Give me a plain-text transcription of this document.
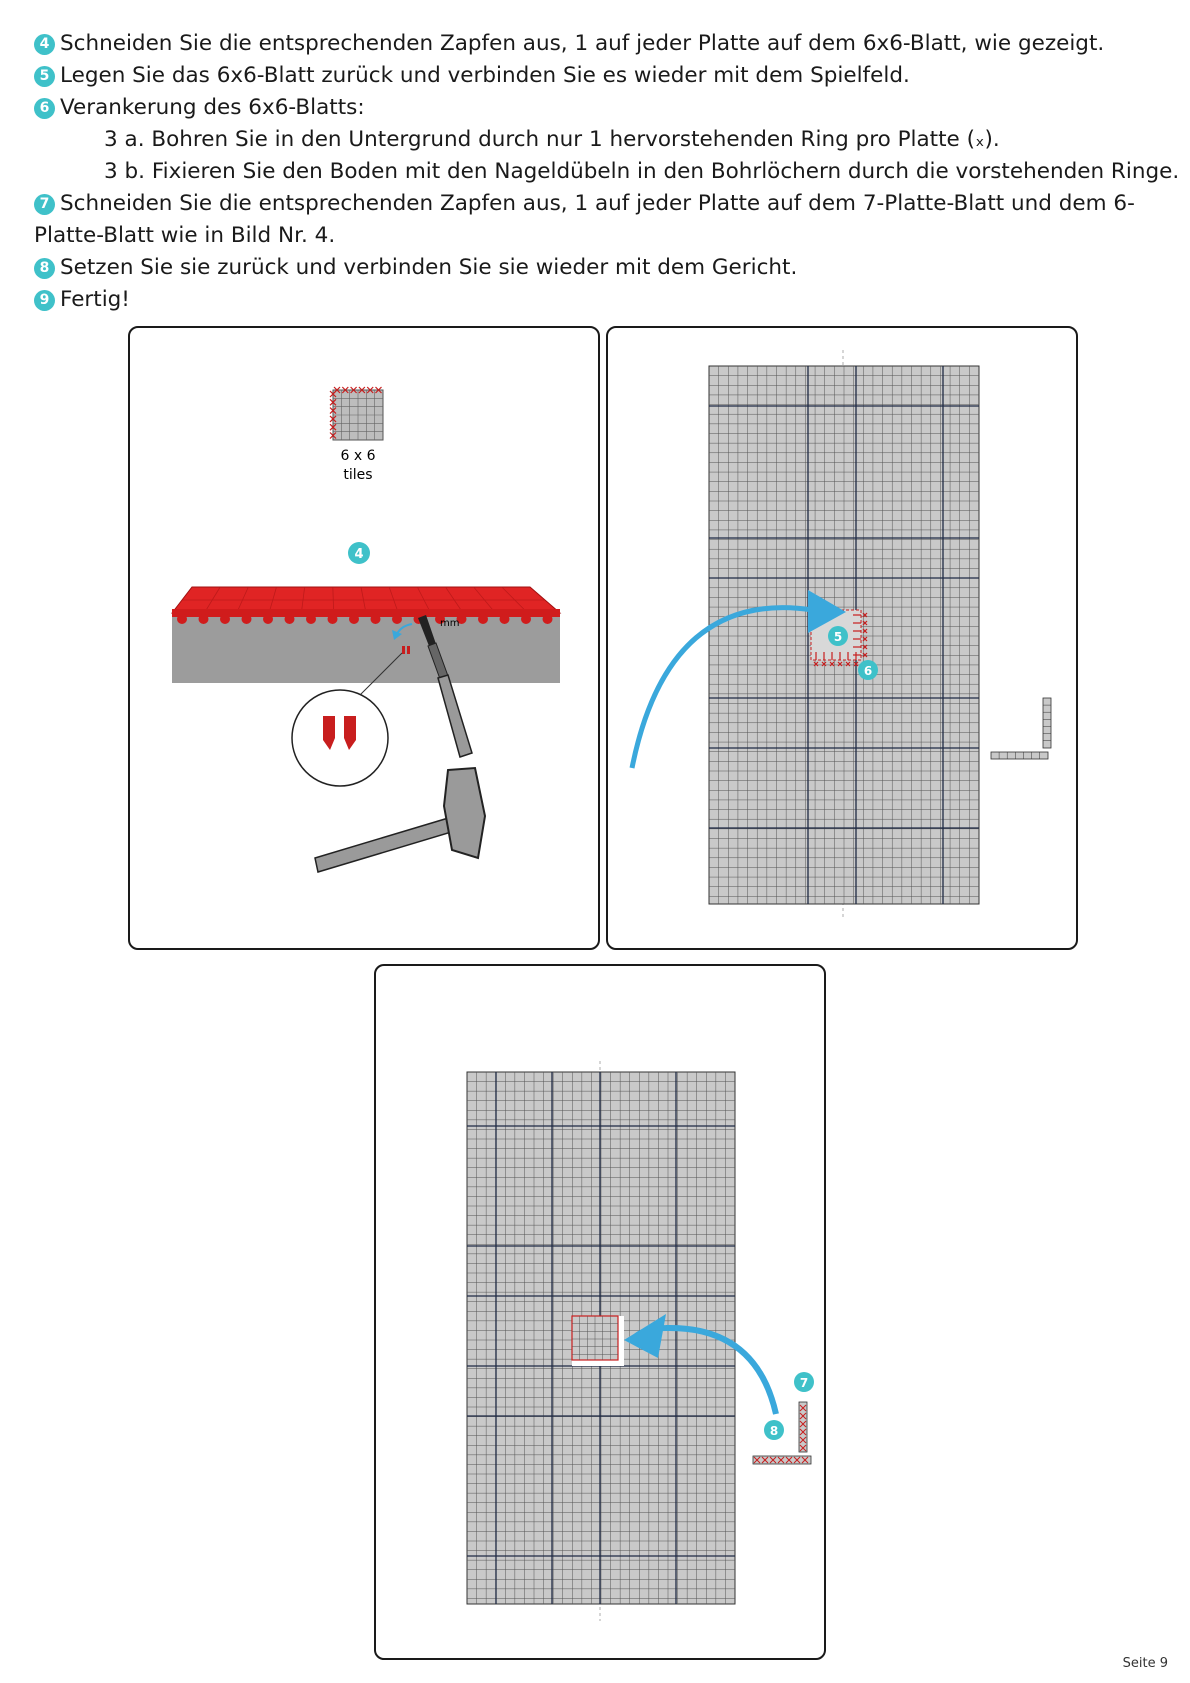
4 Schneiden Sie die entsprechenden Zapfen aus, 1 auf jeder Platte auf dem 6x6-Blatt, wie gezeigt.
5 Legen Sie das 6x6-Blatt zurück und verbinden Sie es wieder mit dem Spielfeld.
6 Verankerung des 6x6-Blatts:
3 a. Bohren Sie in den Untergrund durch nur 1 hervorstehenden Ring pro Platte (ₓ).
3 b. Fixieren Sie den Boden mit den Nageldübeln in den Bohrlöchern durch die vorstehenden Ringe.
7 Schneiden Sie die entsprechenden Zapfen aus, 1 auf jeder Platte auf dem 7-Platte-Blatt und dem 6-Platte-Blatt wie in Bild Nr. 4.
8 Setzen Sie sie zurück und verbinden Sie sie wieder mit dem Gericht.
9 Fertig!
6 x 6
tiles
4
mm
5
6
7
8
Seite 9
